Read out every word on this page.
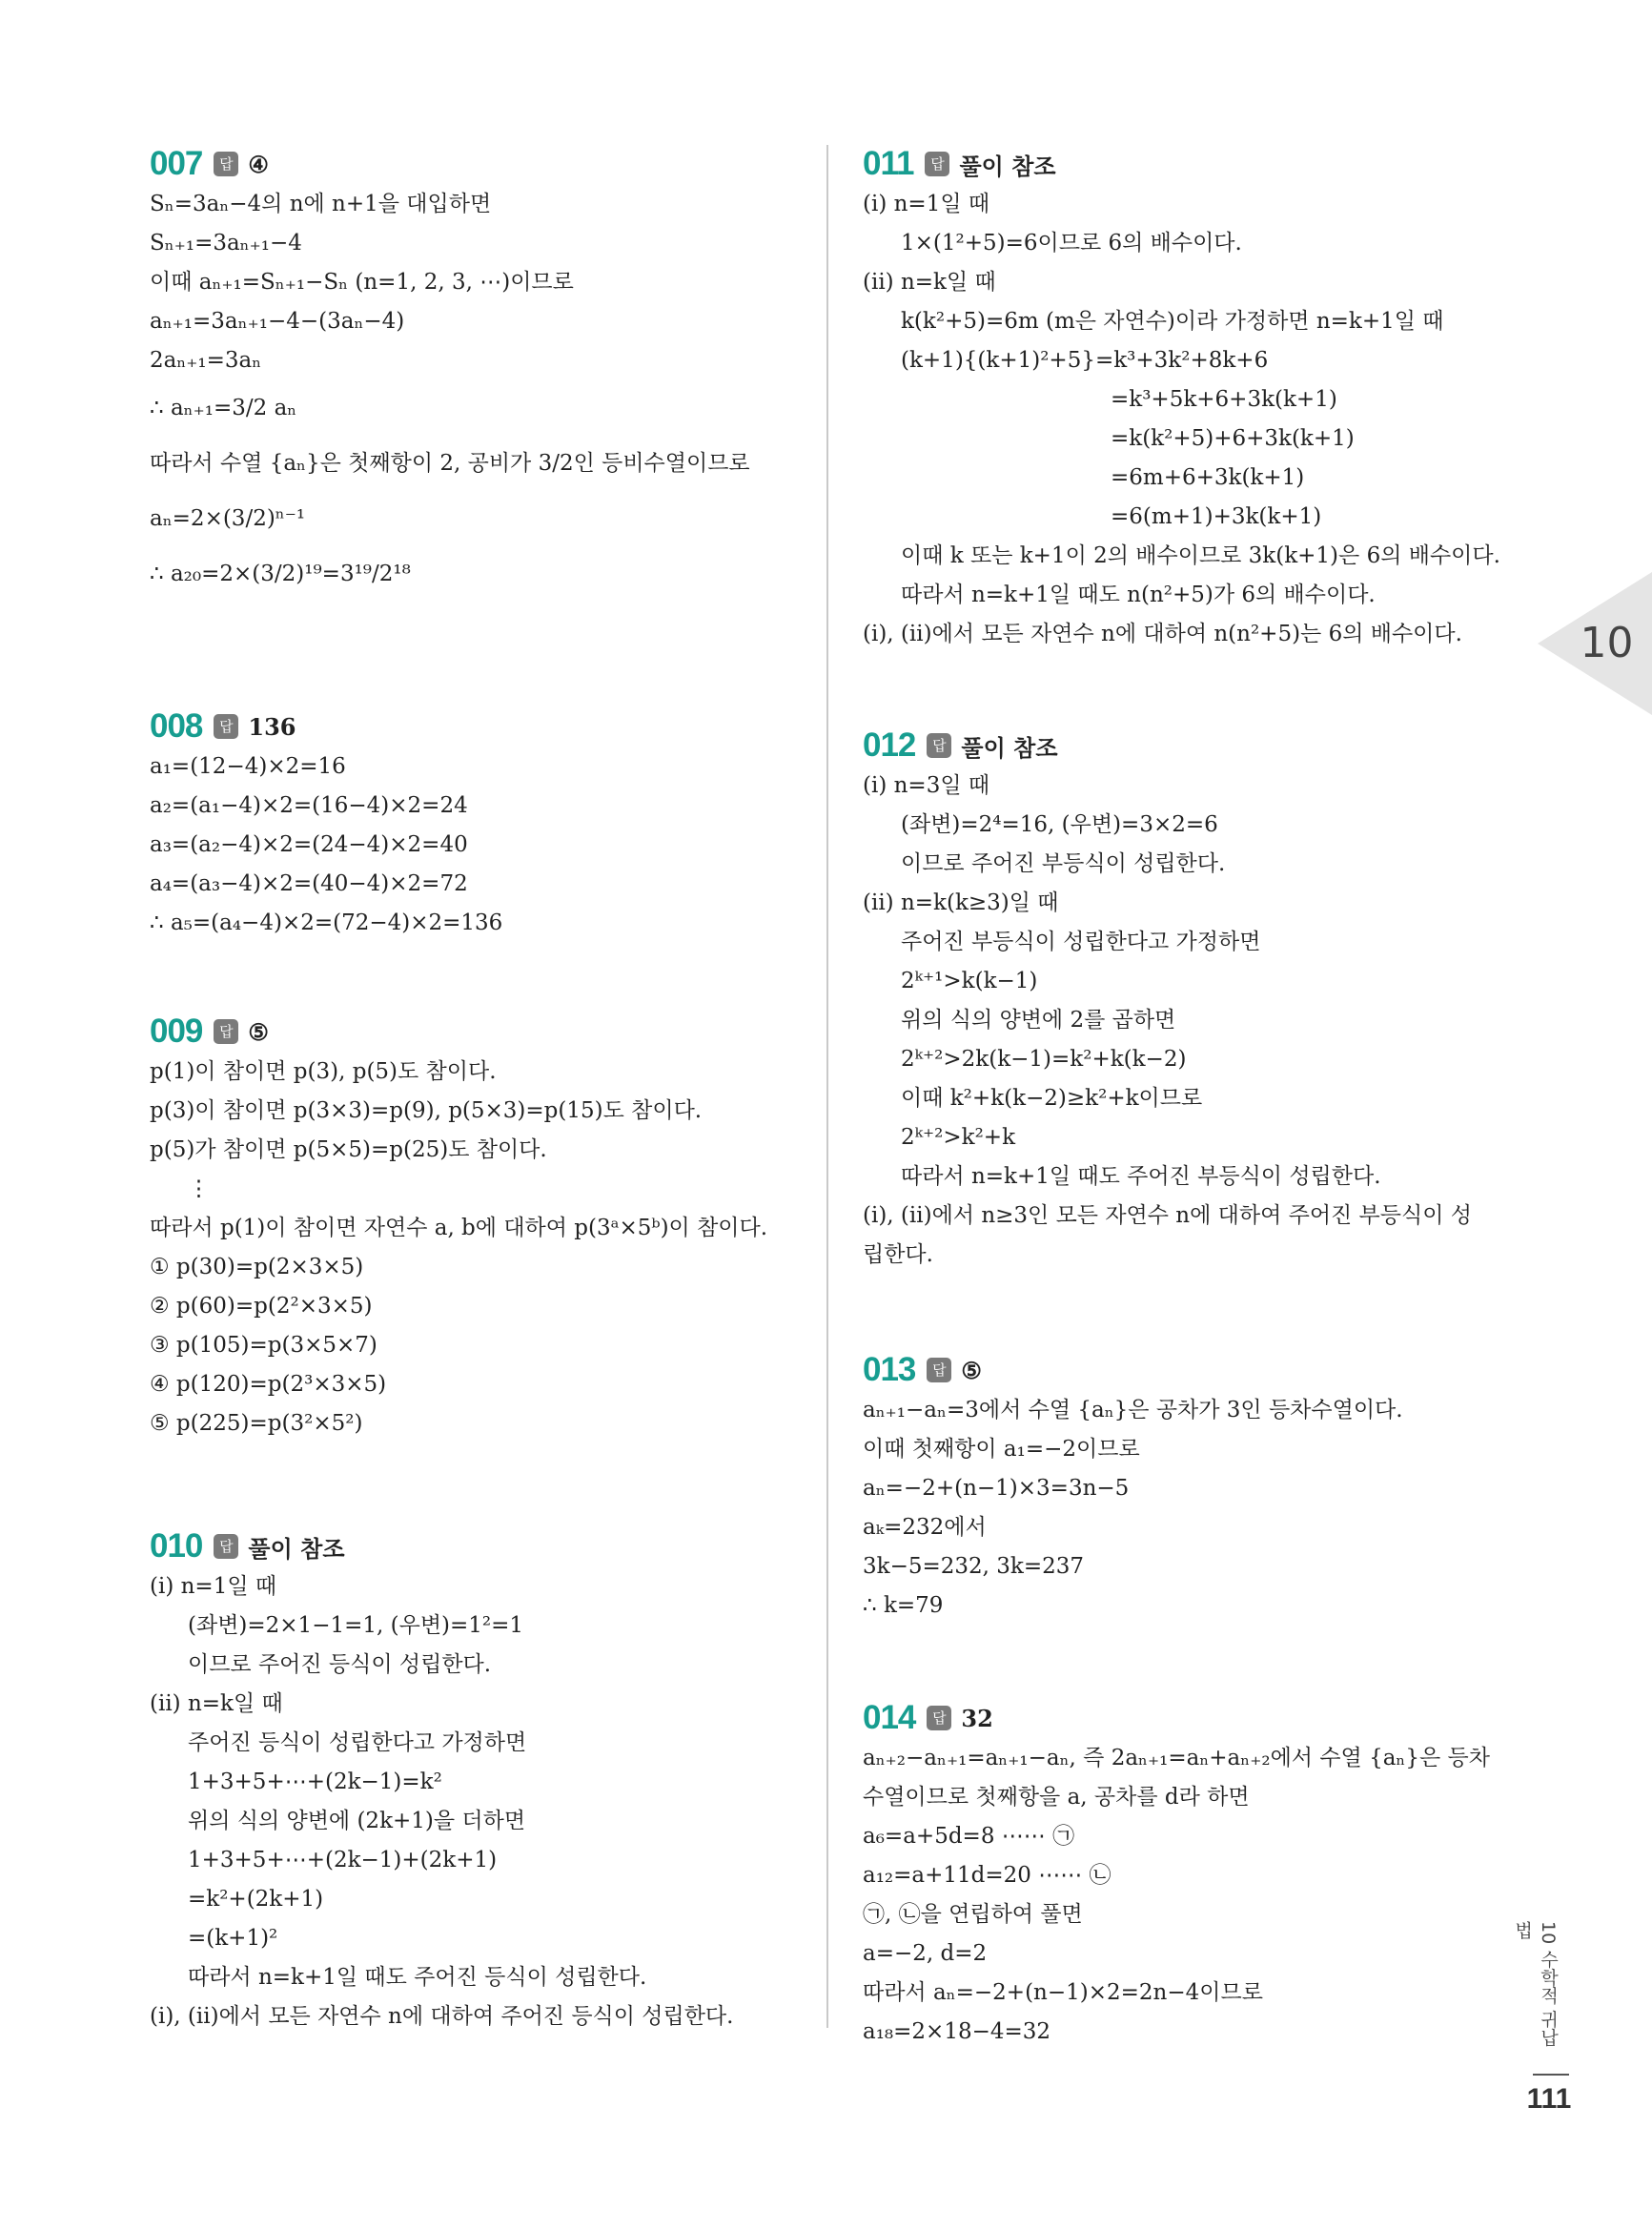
007	답 ④
Sₙ=3aₙ−4의 n에 n+1을 대입하면
Sₙ₊₁=3aₙ₊₁−4
이때 aₙ₊₁=Sₙ₊₁−Sₙ (n=1, 2, 3, ⋯)이므로
aₙ₊₁=3aₙ₊₁−4−(3aₙ−4)
2aₙ₊₁=3aₙ
∴ aₙ₊₁=3/2 aₙ
따라서 수열 {aₙ}은 첫째항이 2, 공비가 3/2인 등비수열이므로
aₙ=2×(3/2)ⁿ⁻¹
∴ a₂₀=2×(3/2)¹⁹=3¹⁹/2¹⁸
008	답 136
a₁=(12−4)×2=16
a₂=(a₁−4)×2=(16−4)×2=24
a₃=(a₂−4)×2=(24−4)×2=40
a₄=(a₃−4)×2=(40−4)×2=72
∴ a₅=(a₄−4)×2=(72−4)×2=136
009	답 ⑤
p(1)이 참이면 p(3), p(5)도 참이다.
p(3)이 참이면 p(3×3)=p(9), p(5×3)=p(15)도 참이다.
p(5)가 참이면 p(5×5)=p(25)도 참이다.
⋮
따라서 p(1)이 참이면 자연수 a, b에 대하여 p(3ᵃ×5ᵇ)이 참이다.
① p(30)=p(2×3×5)
② p(60)=p(2²×3×5)
③ p(105)=p(3×5×7)
④ p(120)=p(2³×3×5)
⑤ p(225)=p(3²×5²)
010	답 풀이 참조
(ⅰ) n=1일 때
(좌변)=2×1−1=1, (우변)=1²=1
이므로 주어진 등식이 성립한다.
(ⅱ) n=k일 때
주어진 등식이 성립한다고 가정하면
1+3+5+⋯+(2k−1)=k²
위의 식의 양변에 (2k+1)을 더하면
1+3+5+⋯+(2k−1)+(2k+1)
=k²+(2k+1)
=(k+1)²
따라서 n=k+1일 때도 주어진 등식이 성립한다.
(ⅰ), (ⅱ)에서 모든 자연수 n에 대하여 주어진 등식이 성립한다.
011	답 풀이 참조
(ⅰ) n=1일 때
1×(1²+5)=6이므로 6의 배수이다.
(ⅱ) n=k일 때
k(k²+5)=6m (m은 자연수)이라 가정하면 n=k+1일 때
(k+1){(k+1)²+5}=k³+3k²+8k+6
=k³+5k+6+3k(k+1)
=k(k²+5)+6+3k(k+1)
=6m+6+3k(k+1)
=6(m+1)+3k(k+1)
이때 k 또는 k+1이 2의 배수이므로 3k(k+1)은 6의 배수이다.
따라서 n=k+1일 때도 n(n²+5)가 6의 배수이다.
(ⅰ), (ⅱ)에서 모든 자연수 n에 대하여 n(n²+5)는 6의 배수이다.
012	답 풀이 참조
(ⅰ) n=3일 때
(좌변)=2⁴=16, (우변)=3×2=6
이므로 주어진 부등식이 성립한다.
(ⅱ) n=k(k≥3)일 때
주어진 부등식이 성립한다고 가정하면
2ᵏ⁺¹>k(k−1)
위의 식의 양변에 2를 곱하면
2ᵏ⁺²>2k(k−1)=k²+k(k−2)
이때 k²+k(k−2)≥k²+k이므로
2ᵏ⁺²>k²+k
따라서 n=k+1일 때도 주어진 부등식이 성립한다.
(ⅰ), (ⅱ)에서 n≥3인 모든 자연수 n에 대하여 주어진 부등식이 성
립한다.
013	답 ⑤
aₙ₊₁−aₙ=3에서 수열 {aₙ}은 공차가 3인 등차수열이다.
이때 첫째항이 a₁=−2이므로
aₙ=−2+(n−1)×3=3n−5
aₖ=232에서
3k−5=232, 3k=237
∴ k=79
014	답 32
aₙ₊₂−aₙ₊₁=aₙ₊₁−aₙ, 즉 2aₙ₊₁=aₙ+aₙ₊₂에서 수열 {aₙ}은 등차
수열이므로 첫째항을 a, 공차를 d라 하면
a₆=a+5d=8 ⋯⋯ ㉠
a₁₂=a+11d=20 ⋯⋯ ㉡
㉠, ㉡을 연립하여 풀면
a=−2, d=2
따라서 aₙ=−2+(n−1)×2=2n−4이므로
a₁₈=2×18−4=32
10
10 수학적 귀납법
111
